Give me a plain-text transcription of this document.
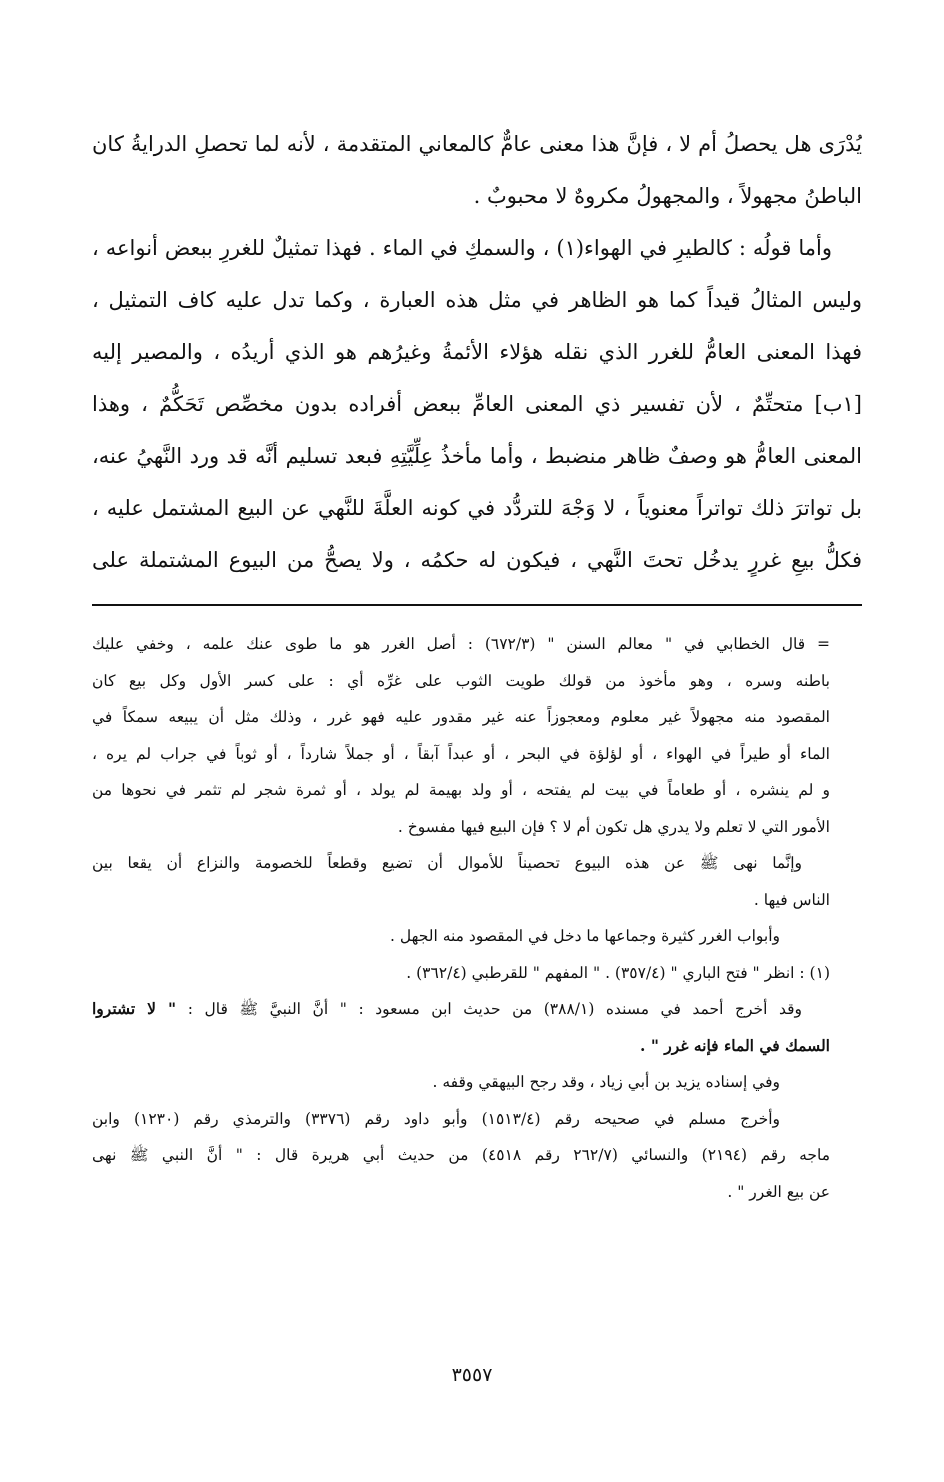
يُدْرَى هل يحصلُ أم لا ، فإنَّ هذا معنى عامٌّ كالمعاني المتقدمة ، لأنه لما تحصلِ الدرايةُ كان
الباطنُ مجهولاً ، والمجهولُ مكروهٌ لا محبوبٌ .
وأما قولُه : كالطيرِ في الهواء(١) ، والسمكِ في الماء . فهذا تمثيلٌ للغررِ ببعض أنواعه ،
وليس المثالُ قيداً كما هو الظاهر في مثل هذه العبارة ، وكما تدل عليه كاف التمثيل ،
فهذا المعنى العامُّ للغرر الذي نقله هؤلاء الأئمةُ وغيرُهم هو الذي أريدُه ، والمصير إليه
[١ب] متحتِّمٌ ، لأن تفسير ذي المعنى العامِّ ببعض أفراده بدون مخصِّص تَحَكُّمٌ ، وهذا
المعنى العامُّ هو وصفٌ ظاهر منضبط ، وأما مأخذُ عِلِّيَّتِهِ فبعد تسليم أنَّه قد ورد النَّهيُ عنه،
بل تواترَ ذلك تواتراً معنوياً ، لا وَجْهَ للتردُّد في كونه العلَّةَ للنَّهي عن البيع المشتمل عليه ،
فكلُّ بيعِ غررٍ يدخُل تحتَ النَّهي ، فيكون له حكمُه ، ولا يصحُّ من البيوع المشتملة على
= قال الخطابي في " معالم السنن " (٦٧٢/٣) : أصل الغرر هو ما طوى عنك علمه ، وخفي عليك
باطنه وسره ، وهو مأخوذ من قولك طويت الثوب على غرِّه أي : على كسر الأول وكل بيع كان
المقصود منه مجهولاً غير معلوم ومعجوزاً عنه غير مقدور عليه فهو غرر ، وذلك مثل أن يبيعه سمكاً في
الماء أو طيراً في الهواء ، أو لؤلؤة في البحر ، أو عبداً آبقاً ، أو جملاً شارداً ، أو ثوباً في جراب لم يره ،
و لم ينشره ، أو طعاماً في بيت لم يفتحه ، أو ولد بهيمة لم يولد ، أو ثمرة شجر لم تثمر في نحوها من
الأمور التي لا تعلم ولا يدري هل تكون أم لا ؟ فإن البيع فيها مفسوخ .
وإنَّما نهى ﷺ عن هذه البيوع تحصيناً للأموال أن تضيع وقطعاً للخصومة والنزاع أن يقعا بين
الناس فيها .
وأبواب الغرر كثيرة وجماعها ما دخل في المقصود منه الجهل .
(١) : انظر " فتح الباري " (٣٥٧/٤) . " المفهم " للقرطبي (٣٦٢/٤) .
وقد أخرج أحمد في مسنده (٣٨٨/١) من حديث ابن مسعود : " أنَّ النبيَّ ﷺ قال : " لا تشتروا
السمك في الماء فإنه غرر " .
وفي إسناده يزيد بن أبي زياد ، وقد رجح البيهقي وقفه .
وأخرج مسلم في صحيحه رقم (١٥١٣/٤) وأبو داود رقم (٣٣٧٦) والترمذي رقم (١٢٣٠) وابن
ماجه رقم (٢١٩٤) والنسائي (٢٦٢/٧ رقم ٤٥١٨) من حديث أبي هريرة قال : " أنَّ النبي ﷺ نهى
عن بيع الغرر " .
٣٥٥٧
